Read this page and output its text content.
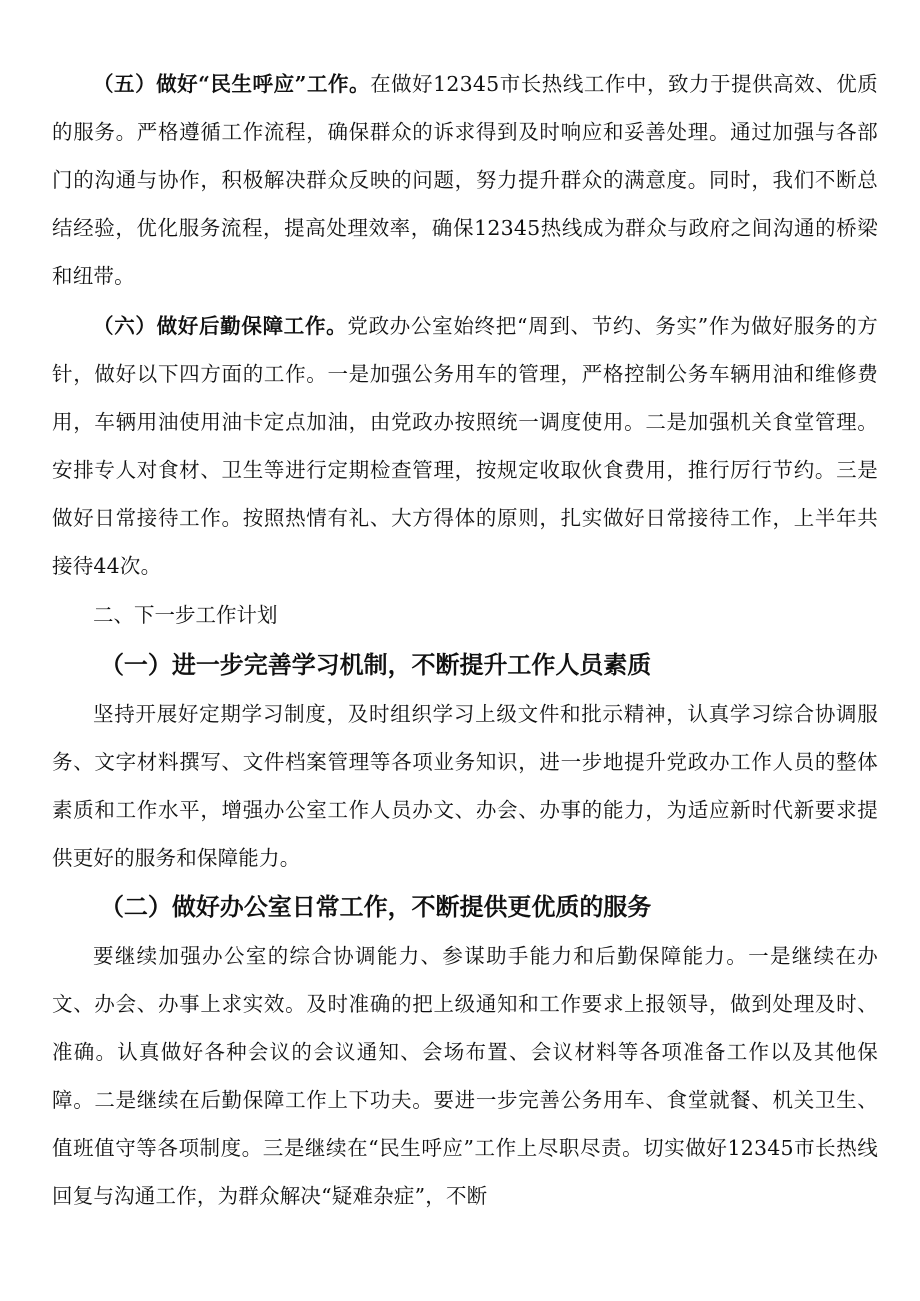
（五）做好“民生呼应”工作。在做好12345市长热线工作中，致力于提供高效、优质的服务。严格遵循工作流程，确保群众的诉求得到及时响应和妥善处理。通过加强与各部门的沟通与协作，积极解决群众反映的问题，努力提升群众的满意度。同时，我们不断总结经验，优化服务流程，提高处理效率，确保12345热线成为群众与政府之间沟通的桥梁和纽带。

（六）做好后勤保障工作。党政办公室始终把“周到、节约、务实”作为做好服务的方针，做好以下四方面的工作。一是加强公务用车的管理，严格控制公务车辆用油和维修费用，车辆用油使用油卡定点加油，由党政办按照统一调度使用。二是加强机关食堂管理。安排专人对食材、卫生等进行定期检查管理，按规定收取伙食费用，推行厉行节约。三是做好日常接待工作。按照热情有礼、大方得体的原则，扎实做好日常接待工作，上半年共接待44次。

二、下一步工作计划
（一）进一步完善学习机制，不断提升工作人员素质

坚持开展好定期学习制度，及时组织学习上级文件和批示精神，认真学习综合协调服务、文字材料撰写、文件档案管理等各项业务知识，进一步地提升党政办工作人员的整体素质和工作水平，增强办公室工作人员办文、办会、办事的能力，为适应新时代新要求提供更好的服务和保障能力。

（二）做好办公室日常工作，不断提供更优质的服务

要继续加强办公室的综合协调能力、参谋助手能力和后勤保障能力。一是继续在办文、办会、办事上求实效。及时准确的把上级通知和工作要求上报领导，做到处理及时、准确。认真做好各种会议的会议通知、会场布置、会议材料等各项准备工作以及其他保障。二是继续在后勤保障工作上下功夫。要进一步完善公务用车、食堂就餐、机关卫生、值班值守等各项制度。三是继续在“民生呼应”工作上尽职尽责。切实做好12345市长热线回复与沟通工作，为群众解决“疑难杂症”，不断
